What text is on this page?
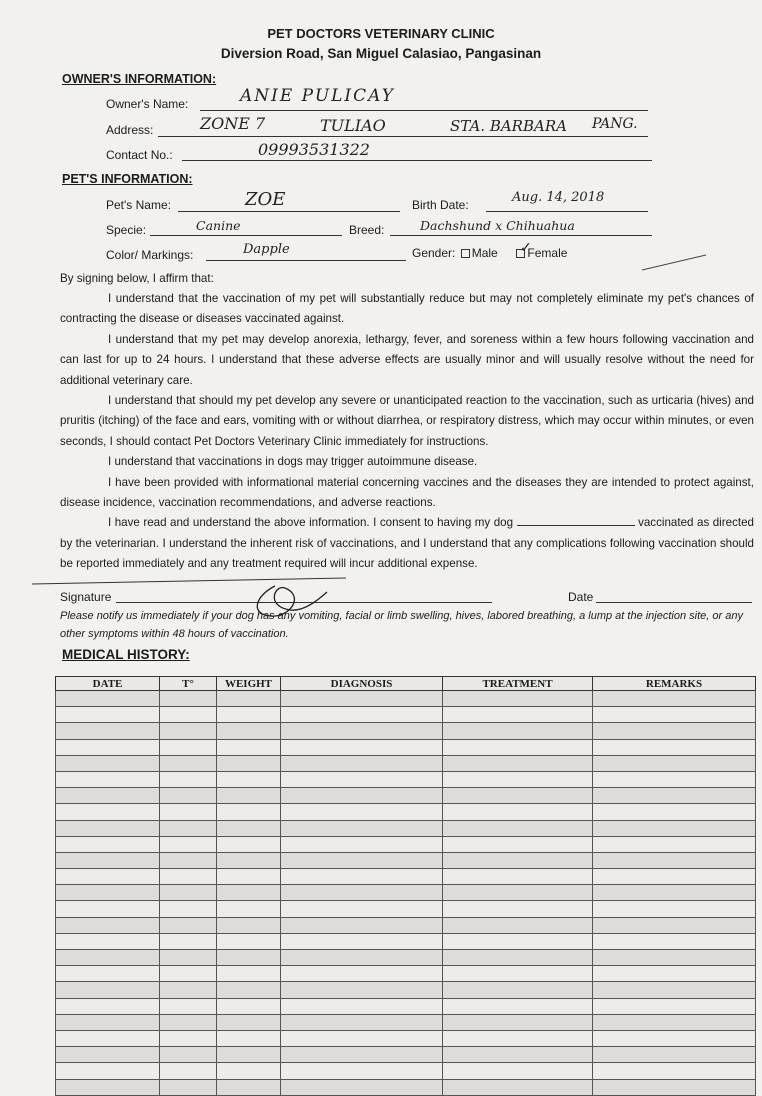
PET DOCTORS VETERINARY CLINIC
Diversion Road, San Miguel Calasiao, Pangasinan
OWNER'S INFORMATION:
Owner's Name:	ANIE PULICAY
Address:	ZONE 7	TULIAO	STA. BARBARA PANG.
Contact No.:	09993531322
PET'S INFORMATION:
Pet's Name:	ZOE	Birth Date:	Aug. 14, 2018
Specie:	Canine	Breed:	Dachshund x Chihuahua
Color/ Markings:	Dapple	Gender: Male Female
✓
By signing below, I affirm that:

I understand that the vaccination of my pet will substantially reduce but may not completely eliminate my pet's chances of contracting the disease or diseases vaccinated against.

I understand that my pet may develop anorexia, lethargy, fever, and soreness within a few hours following vaccination and can last for up to 24 hours. I understand that these adverse effects are usually minor and will usually resolve without the need for additional veterinary care.

I understand that should my pet develop any severe or unanticipated reaction to the vaccination, such as urticaria (hives) and pruritis (itching) of the face and ears, vomiting with or without diarrhea, or respiratory distress, which may occur within minutes, or even seconds, I should contact Pet Doctors Veterinary Clinic immediately for instructions.

I understand that vaccinations in dogs may trigger autoimmune disease.

I have been provided with informational material concerning vaccines and the diseases they are intended to protect against, disease incidence, vaccination recommendations, and adverse reactions.

I have read and understand the above information. I consent to having my dog	vaccinated as directed by the veterinarian. I understand the inherent risk of vaccinations, and I understand that any complications following vaccination should be reported immediately and any treatment required will incur additional expense.

Signature	Date
Please notify us immediately if your dog has any vomiting, facial or limb swelling, hives, labored breathing, a lump at the injection site, or any other symptoms within 48 hours of vaccination.
MEDICAL HISTORY:
DATE	T°	WEIGHT	DIAGNOSIS	TREATMENT	REMARKS
